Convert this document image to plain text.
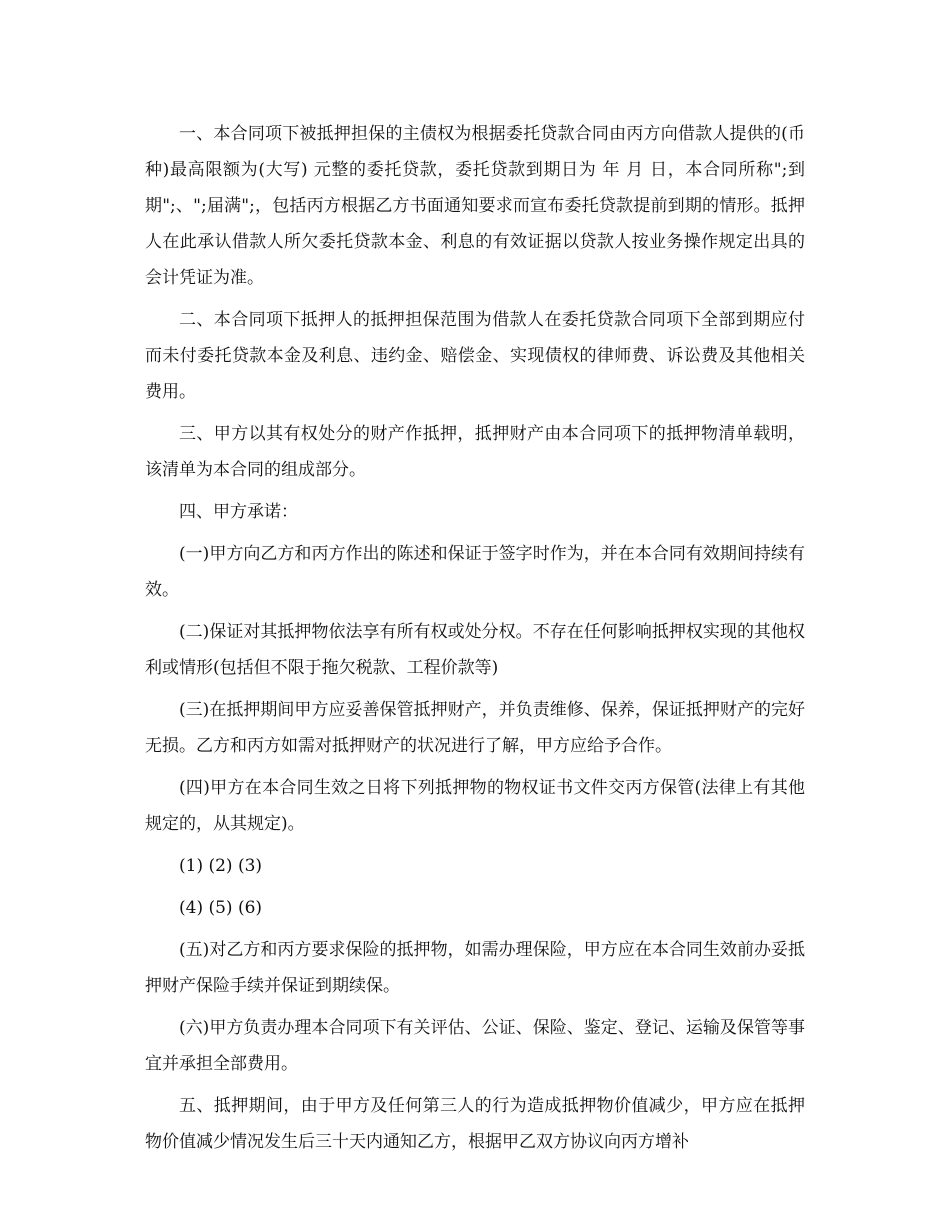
一、本合同项下被抵押担保的主债权为根据委托贷款合同由丙方向借款人提供的(币种)最高限额为(大写) 元整的委托贷款，委托贷款到期日为 年 月 日，本合同所称";到期";、";届满";，包括丙方根据乙方书面通知要求而宣布委托贷款提前到期的情形。抵押人在此承认借款人所欠委托贷款本金、利息的有效证据以贷款人按业务操作规定出具的会计凭证为准。

二、本合同项下抵押人的抵押担保范围为借款人在委托贷款合同项下全部到期应付而未付委托贷款本金及利息、违约金、赔偿金、实现债权的律师费、诉讼费及其他相关费用。

三、甲方以其有权处分的财产作抵押，抵押财产由本合同项下的抵押物清单载明，该清单为本合同的组成部分。

四、甲方承诺：

(一)甲方向乙方和丙方作出的陈述和保证于签字时作为，并在本合同有效期间持续有效。

(二)保证对其抵押物依法享有所有权或处分权。不存在任何影响抵押权实现的其他权利或情形(包括但不限于拖欠税款、工程价款等)

(三)在抵押期间甲方应妥善保管抵押财产，并负责维修、保养，保证抵押财产的完好无损。乙方和丙方如需对抵押财产的状况进行了解，甲方应给予合作。

(四)甲方在本合同生效之日将下列抵押物的物权证书文件交丙方保管(法律上有其他规定的，从其规定)。

(1) (2) (3)

(4) (5) (6)

(五)对乙方和丙方要求保险的抵押物，如需办理保险，甲方应在本合同生效前办妥抵押财产保险手续并保证到期续保。

(六)甲方负责办理本合同项下有关评估、公证、保险、鉴定、登记、运输及保管等事宜并承担全部费用。

五、抵押期间，由于甲方及任何第三人的行为造成抵押物价值减少，甲方应在抵押物价值减少情况发生后三十天内通知乙方，根据甲乙双方协议向丙方增补
